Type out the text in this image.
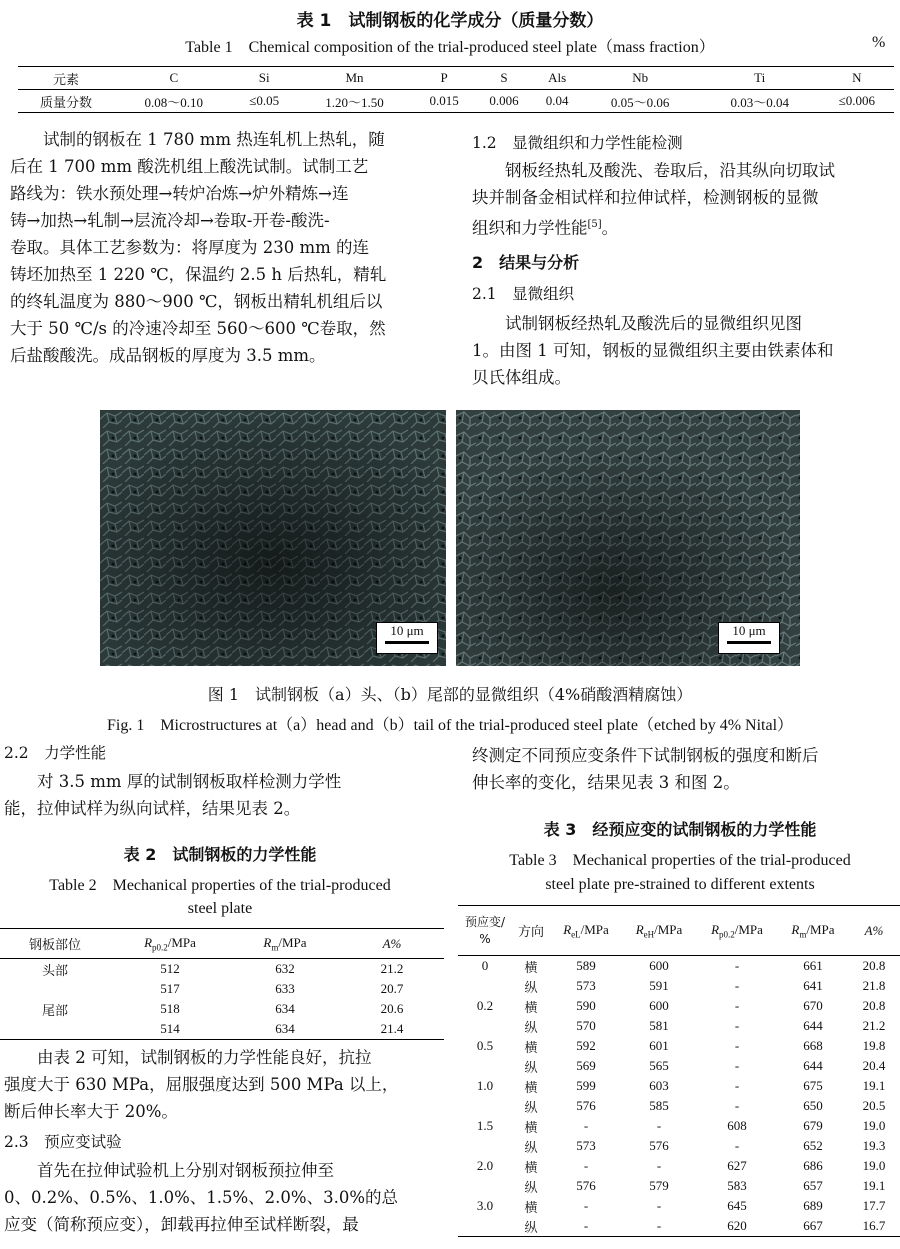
表 1　试制钢板的化学成分（质量分数）
Table 1　Chemical composition of the trial-produced steel plate（mass fraction）	%
元素	C	Si	Mn	P	S	Als	Nb	Ti	N
质量分数	0.08～0.10	≤0.05	1.20～1.50	0.015	0.006	0.04	0.05～0.06	0.03～0.04	≤0.006

试制的钢板在 1 780 mm 热连轧机上热轧，随

后在 1 700 mm 酸洗机组上酸洗试制。试制工艺

路线为：铁水预处理→转炉冶炼→炉外精炼→连

铸→加热→轧制→层流冷却→卷取-开卷-酸洗-

卷取。具体工艺参数为：将厚度为 230 mm 的连

铸坯加热至 1 220 ℃，保温约 2.5 h 后热轧，精轧

的终轧温度为 880～900 ℃，钢板出精轧机组后以

大于 50 ℃/s 的冷速冷却至 560～600 ℃卷取，然

后盐酸酸洗。成品钢板的厚度为 3.5 mm。

1.2　显微组织和力学性能检测

钢板经热轧及酸洗、卷取后，沿其纵向切取试

块并制备金相试样和拉伸试样，检测钢板的显微

组织和力学性能[5]。

2　结果与分析
2.1　显微组织

试制钢板经热轧及酸洗后的显微组织见图

1。由图 1 可知，钢板的显微组织主要由铁素体和

贝氏体组成。

10 μm	10 μm
图 1　试制钢板（a）头、（b）尾部的显微组织（4%硝酸酒精腐蚀）
Fig. 1　Microstructures at（a）head and（b）tail of the trial-produced steel plate（etched by 4% Nital）
2.2　力学性能

对 3.5 mm 厚的试制钢板取样检测力学性

能，拉伸试样为纵向试样，结果见表 2。

表 2　试制钢板的力学性能
Table 2　Mechanical properties of the trial-produced
steel plate
钢板部位	$R_{p0.2}$/MPa	$R_m$/MPa	A%
头部	512	632	21.2
	517	633	20.7
尾部	518	634	20.6
	514	634	21.4

由表 2 可知，试制钢板的力学性能良好，抗拉

强度大于 630 MPa，屈服强度达到 500 MPa 以上，

断后伸长率大于 20%。

2.3　预应变试验

首先在拉伸试验机上分别对钢板预拉伸至

0、0.2%、0.5%、1.0%、1.5%、2.0%、3.0%的总

应变（简称预应变），卸载再拉伸至试样断裂，最

终测定不同预应变条件下试制钢板的强度和断后

伸长率的变化，结果见表 3 和图 2。

表 3　经预应变的试制钢板的力学性能
Table 3　Mechanical properties of the trial-produced
steel plate pre-strained to different extents
预应变/
%	方向	$R_{eL}$/MPa	$R_{eH}$/MPa	$R_{p0.2}$/MPa	$R_m$/MPa	A%
0	横	589	600	-	661	20.8
	纵	573	591	-	641	21.8
0.2	横	590	600	-	670	20.8
	纵	570	581	-	644	21.2
0.5	横	592	601	-	668	19.8
	纵	569	565	-	644	20.4
1.0	横	599	603	-	675	19.1
	纵	576	585	-	650	20.5
1.5	横	-	-	608	679	19.0
	纵	573	576	-	652	19.3
2.0	横	-	-	627	686	19.0
	纵	576	579	583	657	19.1
3.0	横	-	-	645	689	17.7
	纵	-	-	620	667	16.7
